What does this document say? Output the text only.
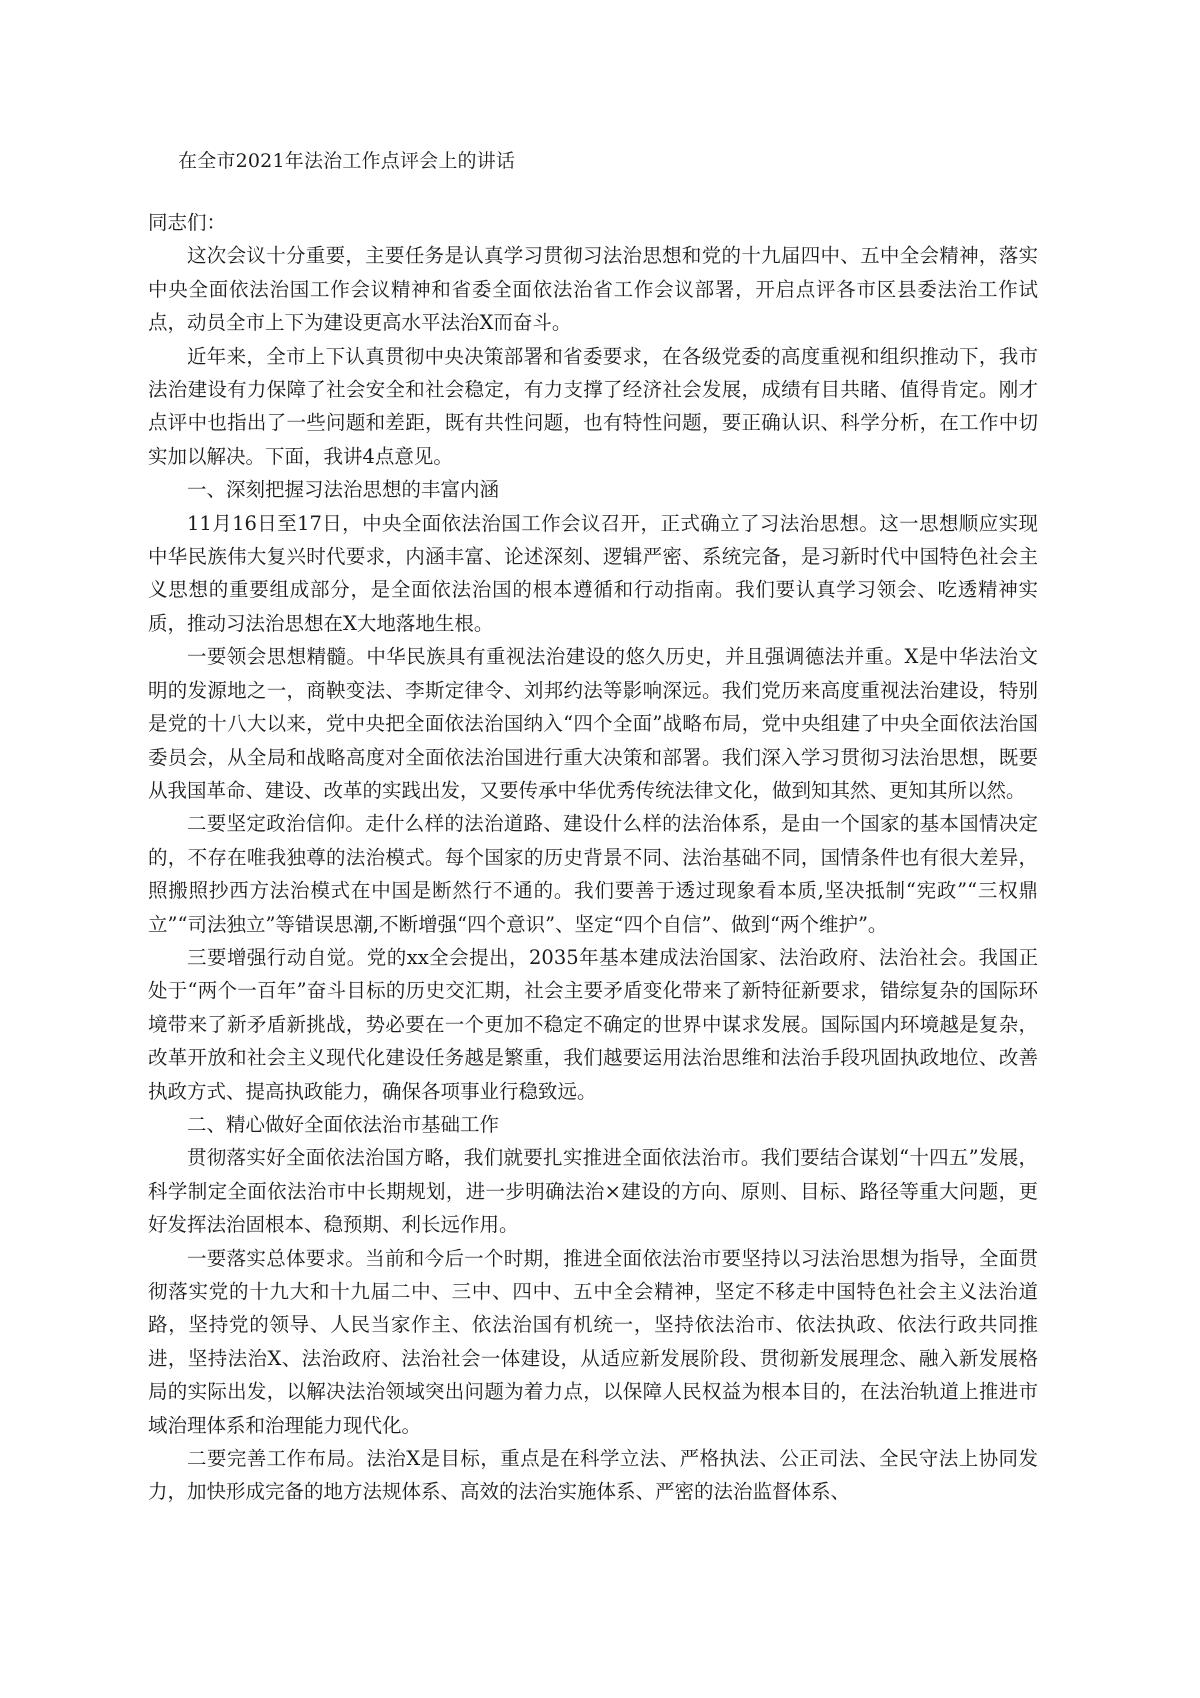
在全市2021年法治工作点评会上的讲话

同志们：

这次会议十分重要，主要任务是认真学习贯彻习法治思想和党的十九届四中、五中全会精神，落实中央全面依法治国工作会议精神和省委全面依法治省工作会议部署，开启点评各市区县委法治工作试点，动员全市上下为建设更高水平法治X而奋斗。

近年来，全市上下认真贯彻中央决策部署和省委要求，在各级党委的高度重视和组织推动下，我市法治建设有力保障了社会安全和社会稳定，有力支撑了经济社会发展，成绩有目共睹、值得肯定。刚才点评中也指出了一些问题和差距，既有共性问题，也有特性问题，要正确认识、科学分析，在工作中切实加以解决。下面，我讲4点意见。

一、深刻把握习法治思想的丰富内涵

11月16日至17日，中央全面依法治国工作会议召开，正式确立了习法治思想。这一思想顺应实现中华民族伟大复兴时代要求，内涵丰富、论述深刻、逻辑严密、系统完备，是习新时代中国特色社会主义思想的重要组成部分，是全面依法治国的根本遵循和行动指南。我们要认真学习领会、吃透精神实质，推动习法治思想在X大地落地生根。

一要领会思想精髓。中华民族具有重视法治建设的悠久历史，并且强调德法并重。X是中华法治文明的发源地之一，商鞅变法、李斯定律令、刘邦约法等影响深远。我们党历来高度重视法治建设，特别是党的十八大以来，党中央把全面依法治国纳入“四个全面”战略布局，党中央组建了中央全面依法治国委员会，从全局和战略高度对全面依法治国进行重大决策和部署。我们深入学习贯彻习法治思想，既要从我国革命、建设、改革的实践出发，又要传承中华优秀传统法律文化，做到知其然、更知其所以然。

二要坚定政治信仰。走什么样的法治道路、建设什么样的法治体系，是由一个国家的基本国情决定的，不存在唯我独尊的法治模式。每个国家的历史背景不同、法治基础不同，国情条件也有很大差异，照搬照抄西方法治模式在中国是断然行不通的。我们要善于透过现象看本质,坚决抵制“宪政”“三权鼎立”“司法独立”等错误思潮,不断增强“四个意识”、坚定“四个自信”、做到“两个维护”。

三要增强行动自觉。党的xx全会提出，2035年基本建成法治国家、法治政府、法治社会。我国正处于“两个一百年”奋斗目标的历史交汇期，社会主要矛盾变化带来了新特征新要求，错综复杂的国际环境带来了新矛盾新挑战，势必要在一个更加不稳定不确定的世界中谋求发展。国际国内环境越是复杂，改革开放和社会主义现代化建设任务越是繁重，我们越要运用法治思维和法治手段巩固执政地位、改善执政方式、提高执政能力，确保各项事业行稳致远。

二、精心做好全面依法治市基础工作

贯彻落实好全面依法治国方略，我们就要扎实推进全面依法治市。我们要结合谋划“十四五”发展，科学制定全面依法治市中长期规划，进一步明确法治×建设的方向、原则、目标、路径等重大问题，更好发挥法治固根本、稳预期、利长远作用。

一要落实总体要求。当前和今后一个时期，推进全面依法治市要坚持以习法治思想为指导，全面贯彻落实党的十九大和十九届二中、三中、四中、五中全会精神，坚定不移走中国特色社会主义法治道路，坚持党的领导、人民当家作主、依法治国有机统一，坚持依法治市、依法执政、依法行政共同推进，坚持法治X、法治政府、法治社会一体建设，从适应新发展阶段、贯彻新发展理念、融入新发展格局的实际出发，以解决法治领域突出问题为着力点，以保障人民权益为根本目的，在法治轨道上推进市域治理体系和治理能力现代化。

二要完善工作布局。法治X是目标，重点是在科学立法、严格执法、公正司法、全民守法上协同发力，加快形成完备的地方法规体系、高效的法治实施体系、严密的法治监督体系、
